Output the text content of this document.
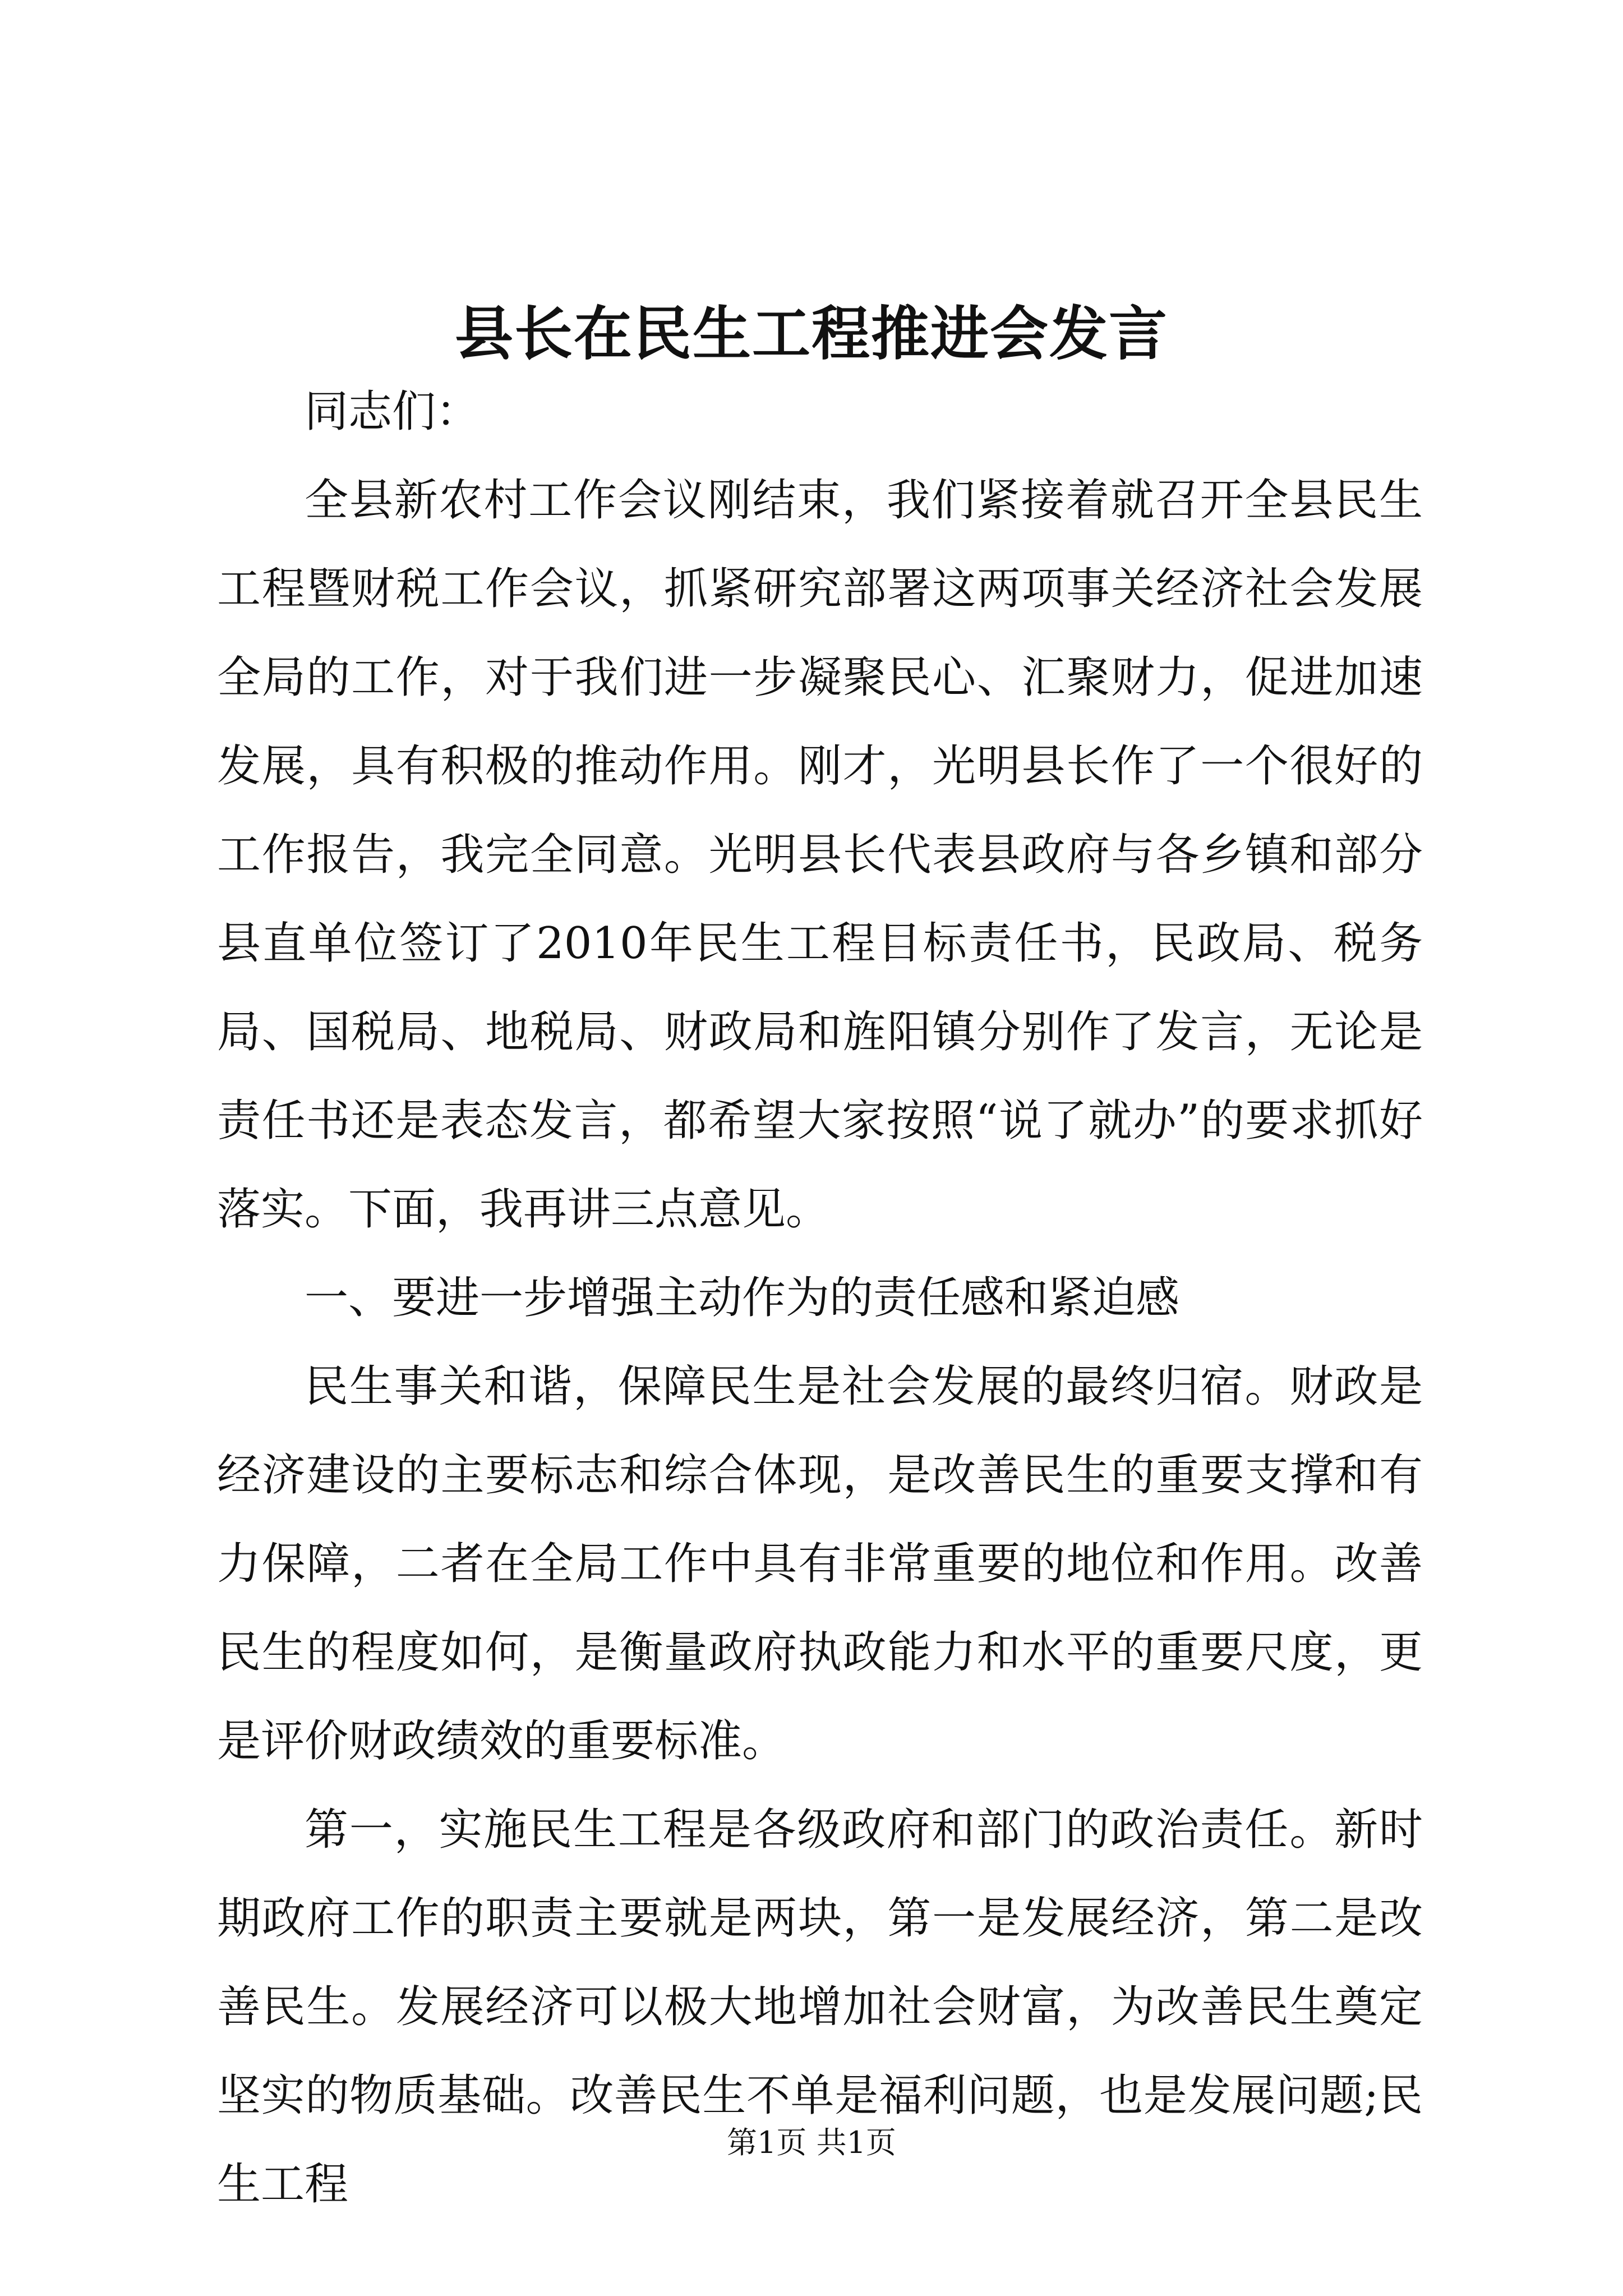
县长在民生工程推进会发言

同志们：

全县新农村工作会议刚结束，我们紧接着就召开全县民生工程暨财税工作会议，抓紧研究部署这两项事关经济社会发展全局的工作，对于我们进一步凝聚民心、汇聚财力，促进加速发展，具有积极的推动作用。刚才，光明县长作了一个很好的工作报告，我完全同意。光明县长代表县政府与各乡镇和部分县直单位签订了2010年民生工程目标责任书，民政局、税务局、国税局、地税局、财政局和旌阳镇分别作了发言，无论是责任书还是表态发言，都希望大家按照“说了就办”的要求抓好落实。下面，我再讲三点意见。

一、要进一步增强主动作为的责任感和紧迫感

民生事关和谐，保障民生是社会发展的最终归宿。财政是经济建设的主要标志和综合体现，是改善民生的重要支撑和有力保障，二者在全局工作中具有非常重要的地位和作用。改善民生的程度如何，是衡量政府执政能力和水平的重要尺度，更是评价财政绩效的重要标准。

第一，实施民生工程是各级政府和部门的政治责任。新时期政府工作的职责主要就是两块，第一是发展经济，第二是改善民生。发展经济可以极大地增加社会财富，为改善民生奠定坚实的物质基础。改善民生不单是福利问题，也是发展问题;民生工程

第1页 共1页
